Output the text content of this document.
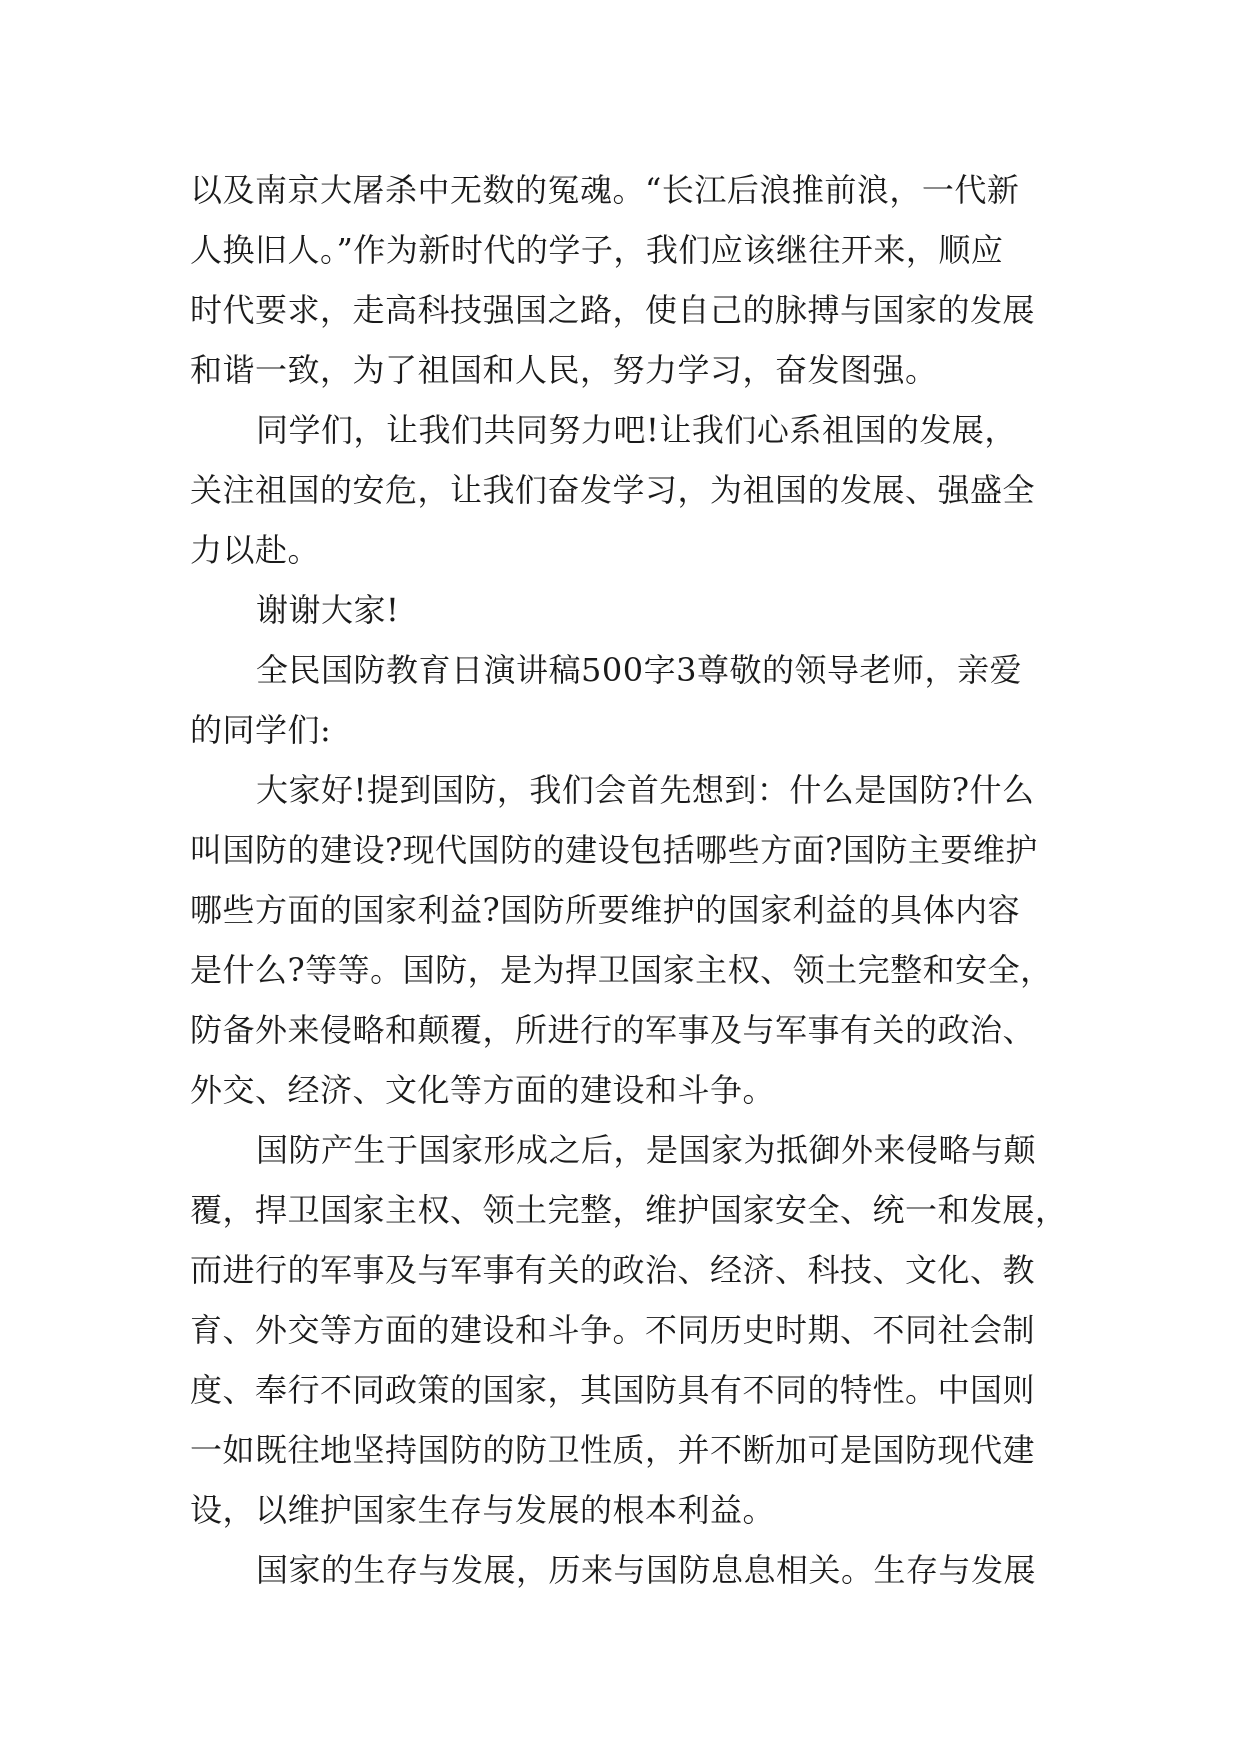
以及南京大屠杀中无数的冤魂。“长江后浪推前浪，一代新
人换旧人。”作为新时代的学子，我们应该继往开来，顺应
时代要求，走高科技强国之路，使自己的脉搏与国家的发展
和谐一致，为了祖国和人民，努力学习，奋发图强。
同学们，让我们共同努力吧!让我们心系祖国的发展，
关注祖国的安危，让我们奋发学习，为祖国的发展、强盛全
力以赴。
谢谢大家!
全民国防教育日演讲稿500字3尊敬的领导老师，亲爱
的同学们:
大家好!提到国防，我们会首先想到：什么是国防?什么
叫国防的建设?现代国防的建设包括哪些方面?国防主要维护
哪些方面的国家利益?国防所要维护的国家利益的具体内容
是什么?等等。国防，是为捍卫国家主权、领土完整和安全，
防备外来侵略和颠覆，所进行的军事及与军事有关的政治、
外交、经济、文化等方面的建设和斗争。
国防产生于国家形成之后，是国家为抵御外来侵略与颠
覆，捍卫国家主权、领土完整，维护国家安全、统一和发展，
而进行的军事及与军事有关的政治、经济、科技、文化、教
育、外交等方面的建设和斗争。不同历史时期、不同社会制
度、奉行不同政策的国家，其国防具有不同的特性。中国则
一如既往地坚持国防的防卫性质，并不断加可是国防现代建
设，以维护国家生存与发展的根本利益。
国家的生存与发展，历来与国防息息相关。生存与发展
